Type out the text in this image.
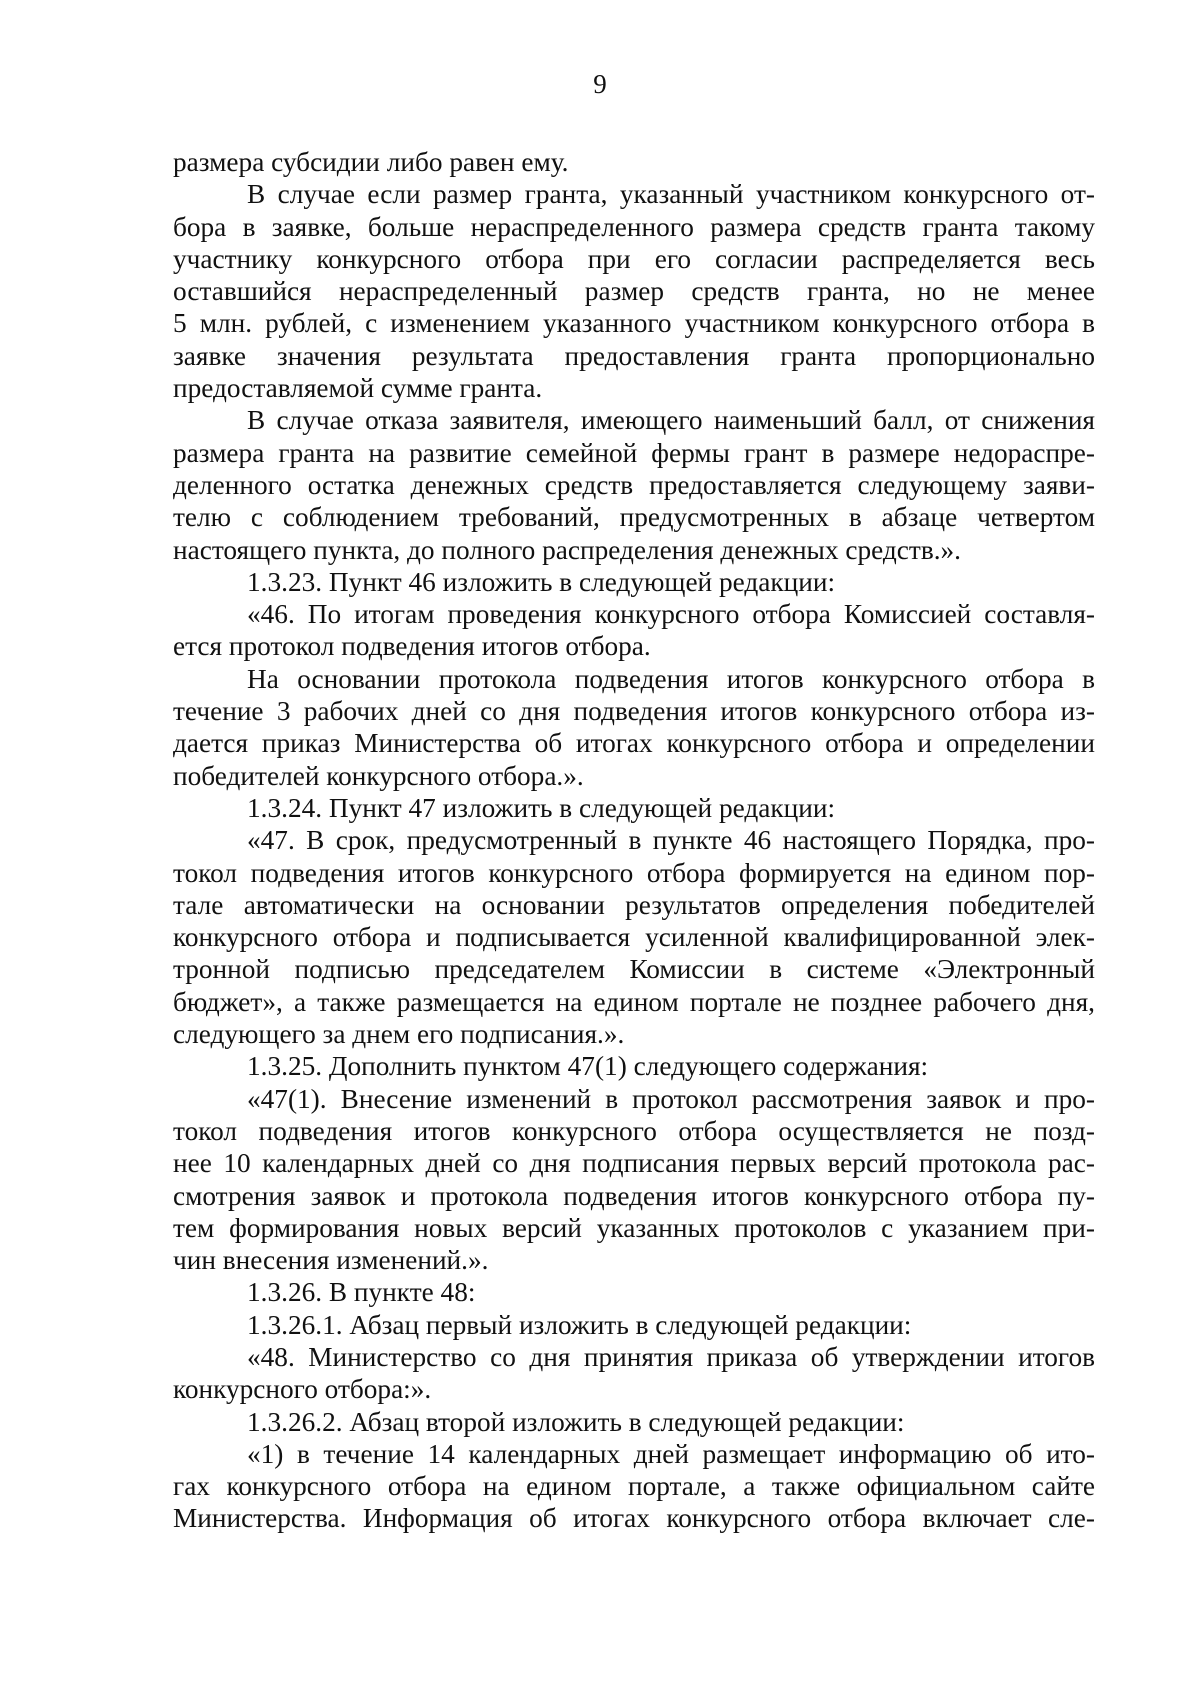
9
размера субсидии либо равен ему.
В случае если размер гранта, указанный участником конкурсного от-
бора в заявке, больше нераспределенного размера средств гранта такому
участнику конкурсного отбора при его согласии распределяется весь
оставшийся нераспределенный размер средств гранта, но не менее
5 млн. рублей, с изменением указанного участником конкурсного отбора в
заявке значения результата предоставления гранта пропорционально
предоставляемой сумме гранта.
В случае отказа заявителя, имеющего наименьший балл, от снижения
размера гранта на развитие семейной фермы грант в размере недораспре-
деленного остатка денежных средств предоставляется следующему заяви-
телю с соблюдением требований, предусмотренных в абзаце четвертом
настоящего пункта, до полного распределения денежных средств.».
1.3.23. Пункт 46 изложить в следующей редакции:
«46. По итогам проведения конкурсного отбора Комиссией составля-
ется протокол подведения итогов отбора.
На основании протокола подведения итогов конкурсного отбора в
течение 3 рабочих дней со дня подведения итогов конкурсного отбора из-
дается приказ Министерства об итогах конкурсного отбора и определении
победителей конкурсного отбора.».
1.3.24. Пункт 47 изложить в следующей редакции:
«47. В срок, предусмотренный в пункте 46 настоящего Порядка, про-
токол подведения итогов конкурсного отбора формируется на едином пор-
тале автоматически на основании результатов определения победителей
конкурсного отбора и подписывается усиленной квалифицированной элек-
тронной подписью председателем Комиссии в системе «Электронный
бюджет», а также размещается на едином портале не позднее рабочего дня,
следующего за днем его подписания.».
1.3.25. Дополнить пунктом 47(1) следующего содержания:
«47(1). Внесение изменений в протокол рассмотрения заявок и про-
токол подведения итогов конкурсного отбора осуществляется не позд-
нее 10 календарных дней со дня подписания первых версий протокола рас-
смотрения заявок и протокола подведения итогов конкурсного отбора пу-
тем формирования новых версий указанных протоколов с указанием при-
чин внесения изменений.».
1.3.26. В пункте 48:
1.3.26.1. Абзац первый изложить в следующей редакции:
«48. Министерство со дня принятия приказа об утверждении итогов
конкурсного отбора:».
1.3.26.2. Абзац второй изложить в следующей редакции:
«1) в течение 14 календарных дней размещает информацию об ито-
гах конкурсного отбора на едином портале, а также официальном сайте
Министерства. Информация об итогах конкурсного отбора включает сле-
